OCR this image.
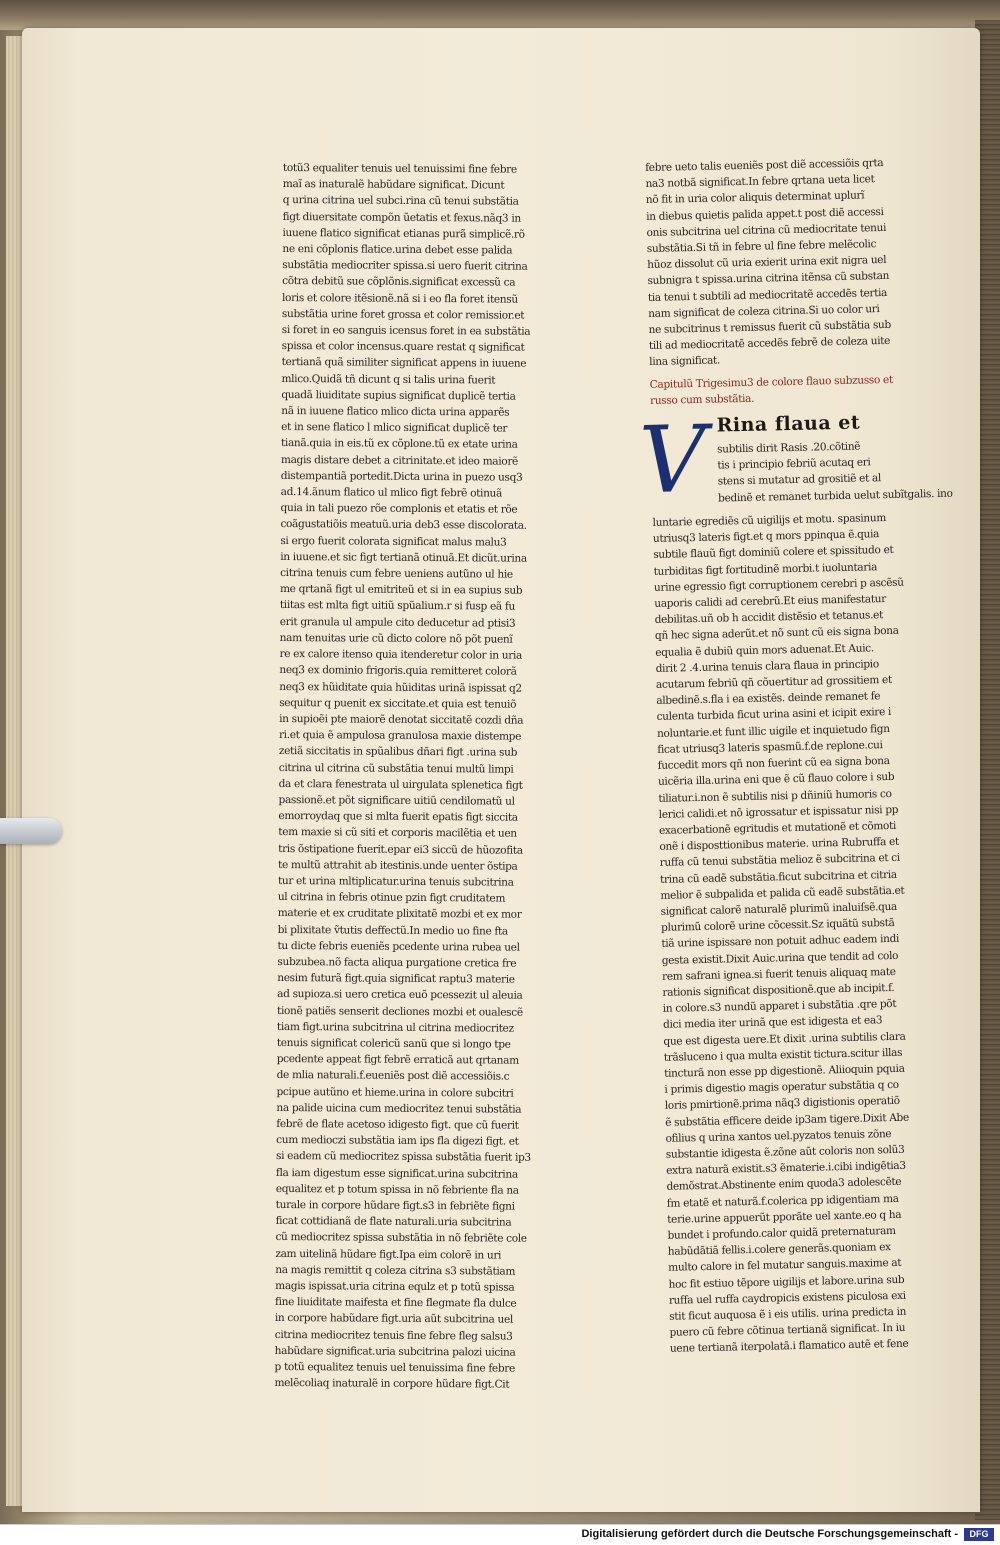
totũ3 equaliter tenuis uel tenuissimi fine febre
maĩ as inaturalẽ habũdare significat. Dicunt
q urina citrina uel subci.rina cũ tenui substãtia
figt diuersitate compõn ũetatis et fexus.nãq3 in
iuuene flatico significat etianas purã simplicẽ.rõ
ne eni cõplonis flatice.urina debet esse palida
substãtia mediocriter spissa.si uero fuerit citrina
cõtra debitũ sue cõplõnis.significat excessũ ca
loris et colore itẽsionẽ.nã si i eo fla foret itensũ
substãtia urine foret grossa et color remissior.et
si foret in eo sanguis icensus foret in ea substãtia
spissa et color incensus.quare restat q significat
tertianã quã similiter significat appens in iuuene
mlico.Quidã tñ dicunt q si talis urina fuerit
quadã liuiditate supius significat duplicẽ tertia
nã in iuuene flatico mlico dicta urina apparẽs
et in sene flatico l mlico significat duplicẽ ter
tianã.quia in eis.tũ ex cõplone.tũ ex etate urina
magis distare debet a citrinitate.et ideo maiorẽ
distempantiã portedit.Dicta urina in puezo usq3
ad.14.ãnum flatico ul mlico figt febrẽ otinuã
quia in tali puezo rõe complonis et etatis et rõe
coãgustatiõis meatuũ.uria deb3 esse discolorata.
si ergo fuerit colorata significat malus malu3
in iuuene.et sic figt tertianã otinuã.Et dicũt.urina
citrina tenuis cum febre ueniens autũno ul hie
me qrtanã figt ul emitriteũ et si in ea supius sub
tiitas est mlta figt uitiũ spũalium.r si fusp eã fu
erit granula ul ampule cito deducetur ad ptisi3
nam tenuitas urie cũ dicto colore nõ põt puenĩ
re ex calore itenso quia itenderetur color in uria
neq3 ex dominio frigoris.quia remitteret colorã
neq3 ex hũiditate quia hũiditas urinã ispissat q2
sequitur q puenit ex siccitate.et quia est tenuiõ
in supioẽi pte maiorẽ denotat siccitatẽ cozdi dña
ri.et quia ẽ ampulosa granulosa maxie distempe
zetiã siccitatis in spũalibus dñari figt .urina sub
citrina ul citrina cũ substãtia tenui multũ limpi
da et clara fenestrata ul uirgulata splenetica figt
passionẽ.et põt significare uitiũ cendilomatũ ul
emorroydaq que si mlta fuerit epatis figt siccita
tem maxie si cũ siti et corporis macilẽtia et uen
tris õstipatione fuerit.epar ei3 siccũ de hũozofita
te multũ attrahit ab itestinis.unde uenter õstipa
tur et urina mltiplicatur.urina tenuis subcitrina
ul citrina in febris otinue pzin figt cruditatem
materie et ex cruditate plixitatẽ mozbi et ex mor
bi plixitate ṽtutis deffectũ.In medio uo fine fta
tu dicte febris eueniẽs pcedente urina rubea uel
subzubea.nõ facta aliqua purgatione cretica fre
nesim futurã figt.quia significat raptu3 materie
ad supioza.si uero cretica euõ pcessezit ul aleuia
tionẽ patiẽs senserit decliones mozbi et oualescẽ
tiam figt.urina subcitrina ul citrina mediocritez
tenuis significat colericũ sanũ que si longo tpe
pcedente appeat figt febrẽ erraticã aut qrtanam
de mlia naturali.f.eueniẽs post diẽ accessiõis.c
pcipue autũno et hieme.urina in colore subcitri
na palide uicina cum mediocritez tenui substãtia
febrẽ de flate acetoso idigesto figt. que cũ fuerit
cum medioczi substãtia iam ips fla digezi figt. et
si eadem cũ mediocritez spissa substãtia fuerit ip3
fla iam digestum esse significat.urina subcitrina
equalitez et p totum spissa in nõ febriente fla na
turale in corpore hũdare figt.s3 in febriẽte figni
ficat cottidianã de flate naturali.uria subcitrina
cũ mediocritez spissa substãtia in nõ febriẽte cole
zam uitelinã hũdare figt.Ipa eim colorẽ in uri
na magis remittit q coleza citrina s3 substãtiam
magis ispissat.uria citrina equlz et p totũ spissa
fine liuiditate maifesta et fine flegmate fla dulce
in corpore habũdare figt.uria aũt subcitrina uel
citrina mediocritez tenuis fine febre fleg salsu3
habũdare significat.uria subcitrina palozi uicina
p totũ equalitez tenuis uel tenuissima fine febre
melẽcoliaq inaturalẽ in corpore hũdare figt.Cit
febre ueto talis eueniẽs post diẽ accessiõis qrta
na3 notbã significat.In febre qrtana ueta licet
nõ fit in uria color aliquis determinat uplurĩ
in diebus quietis palida appet.t post diẽ accessi
onis subcitrina uel citrina cũ mediocritate tenui
substãtia.Si tñ in febre ul fine febre melẽcolic
hũoz dissolut cũ uria exierit urina exit nigra uel
subnigra t spissa.urina citrina itẽnsa cũ substan
tia tenui t subtili ad mediocritatẽ accedẽs tertia
nam significat de coleza citrina.Si uo color uri
ne subcitrinus t remissus fuerit cũ substãtia sub
tili ad mediocritatẽ accedẽs febrẽ de coleza uite
lina significat.
Capitulũ Trigesimu3 de colore flauo subzusso et
russo cum substãtia.
V Rina flaua et
subtilis dirit Rasis .20.cõtinẽ
tis i principio febriũ acutaq eri
stens si mutatur ad grositiẽ et al
bedinẽ et remanet turbida uelut subĩtgalis. ino
luntarie egrediẽs cũ uigilijs et motu. spasinum
utriusq3 lateris figt.et q mors ppinqua ẽ.quia
subtile flauũ figt dominiũ colere et spissitudo et
turbiditas figt fortitudinẽ morbi.t iuoluntaria
urine egressio figt corruptionem cerebri p ascẽsũ
uaporis calidi ad cerebrũ.Et eius manifestatur
debilitas.uñ ob h accidit distẽsio et tetanus.et
qñ hec signa aderũt.et nõ sunt cũ eis signa bona
equalia ẽ dubiũ quin mors aduenat.Et Auic.
dirit 2 .4.urina tenuis clara flaua in principio
acutarum febriũ qñ cõuertitur ad grossitiem et
albedinẽ.s.fla i ea existẽs. deinde remanet fe
culenta turbida ficut urina asini et icipit exire i
noluntarie.et funt illic uigile et inquietudo fign
ficat utriusq3 lateris spasmũ.f.de replone.cui
fuccedit mors qñ non fuerint cũ ea signa bona
uicẽria illa.urina eni que ẽ cũ flauo colore i sub
tiliatur.i.non ẽ subtilis nisi p dñiniũ humoris co
lerici calidi.et nõ igrossatur et ispissatur nisi pp
exacerbationẽ egritudis et mutationẽ et cõmoti
onẽ i disposttionibus materie. urina Rubruffa et
ruffa cũ tenui substãtia melioz ẽ subcitrina et ci
trina cũ eadẽ substãtia.ficut subcitrina et citria
melior ẽ subpalida et palida cũ eadẽ substãtia.et
significat calorẽ naturalẽ plurimũ inaluiſsẽ.qua
plurimũ colorẽ urine cõcessit.Sz iquãtũ substã
tiã urine ispissare non potuit adhuc eadem indi
gesta existit.Dixit Auic.urina que tendit ad colo
rem safrani ignea.si fuerit tenuis aliquaq mate
rationis significat dispositionẽ.que ab incipit.f.
in colore.s3 nundũ apparet i substãtia .qre põt
dici media iter urinã que est idigesta et ea3
que est digesta uere.Et dixit .urina subtilis clara
trãsluceno i qua multa existit tictura.scitur illas
tincturã non esse pp digestionẽ. Aliioquin pquia
i primis digestio magis operatur substãtia q co
loris pmirtionẽ.prima nãq3 digistionis operatiõ
ẽ substãtia efficere deide ip3am tigere.Dixit Abe
ofilius q urina xantos uel.pyzatos tenuis zõne
substantie idigesta ẽ.zõne aũt coloris non solũ3
extra naturã existit.s3 ẽmaterie.i.cibi indigẽtia3
demõstrat.Abstinente enim quoda3 adolescẽte
fm etatẽ et naturã.f.colerica pp idigentiam ma
terie.urine appuerũt pporãte uel xante.eo q ha
bundet i profundo.calor quidã preternaturam
habũdãtiã fellis.i.colere generãs.quoniam ex
multo calore in fel mutatur sanguis.maxime at
hoc fit estiuo tẽpore uigilijs et labore.urina sub
ruffa uel ruffa caydropicis existens piculosa exi
stit ficut auquosa ẽ i eis utilis. urina predicta in
puero cũ febre cõtinua tertianã significat. In iu
uene tertianã iterpolatã.i flamatico autẽ et fene
Digitalisierung gefördert durch die Deutsche Forschungsgemeinschaft -	DFG
